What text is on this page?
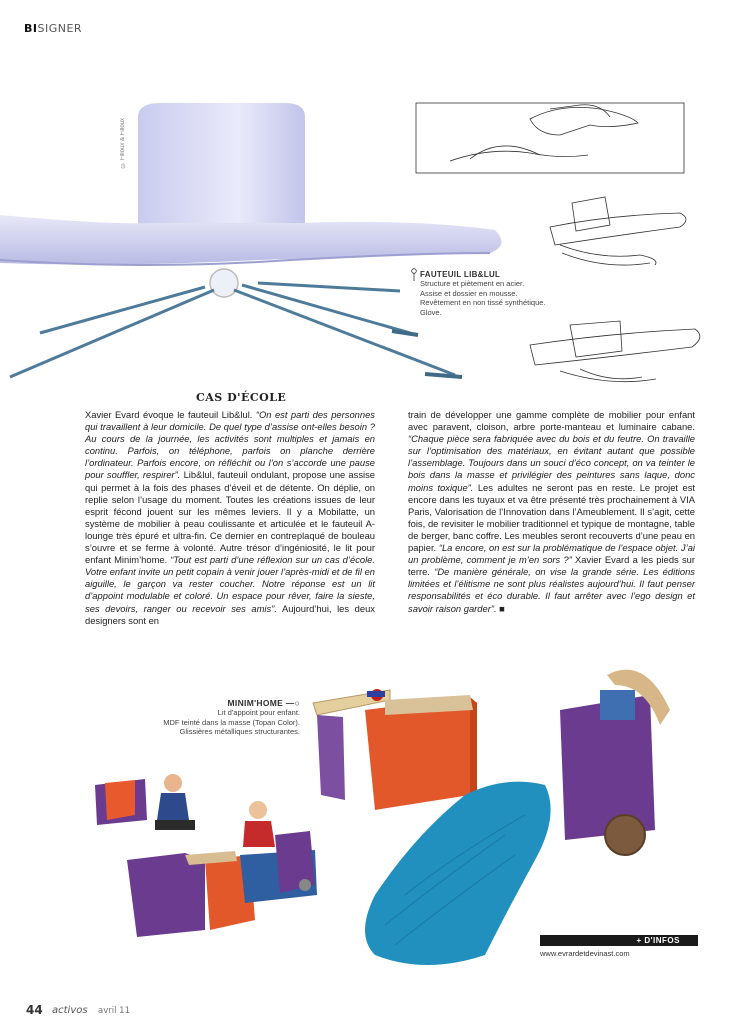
BISIGNER
© Filloux & Filloux
FAUTEUIL LIB&LUL
Structure et piètement en acier.
Assise et dossier en mousse.
Revêtement en non tissé synthétique.
Glove.
CAS D'ÉCOLE
Xavier Evard évoque le fauteuil Lib&lul. “On est parti des personnes qui travaillent à leur domicile. De quel type d’assise ont-elles besoin ? Au cours de la journée, les activités sont multiples et jamais en continu. Parfois, on téléphone, parfois on planche derrière l’ordinateur. Parfois encore, on réfléchit ou l’on s’accorde une pause pour souffler, respirer”. Lib&lul, fauteuil ondulant, propose une assise qui permet à la fois des phases d’éveil et de détente. On déplie, on replie selon l’usage du moment. Toutes les créations issues de leur esprit fécond jouent sur les mêmes leviers. Il y a Mobilatte, un système de mobilier à peau coulissante et articulée et le fauteuil A-lounge très épuré et ultra-fin. Ce dernier en contreplaqué de bouleau s’ouvre et se ferme à volonté. Autre trésor d’ingéniosité, le lit pour enfant Minim’home. “Tout est parti d’une réflexion sur un cas d’école. Votre enfant invite un petit copain à venir jouer l’après-midi et de fil en aiguille, le garçon va rester coucher. Notre réponse est un lit d’appoint modulable et coloré. Un espace pour rêver, faire la sieste, ses devoirs, ranger ou recevoir ses amis”. Aujourd’hui, les deux designers sont en
train de développer une gamme complète de mobilier pour enfant avec paravent, cloison, arbre porte-manteau et luminaire cabane. “Chaque pièce sera fabriquée avec du bois et du feutre. On travaille sur l’optimisation des matériaux, en évitant autant que possible l’assemblage. Toujours dans un souci d’éco concept, on va teinter le bois dans la masse et privilégier des peintures sans laque, donc moins toxique”. Les adultes ne seront pas en reste. Le projet est encore dans les tuyaux et va être présenté très prochainement à VIA Paris, Valorisation de l’Innovation dans l’Ameublement. Il s’agit, cette fois, de revisiter le mobilier traditionnel et typique de montagne, table de berger, banc coffre. Les meubles seront recouverts d’une peau en papier. “La encore, on est sur la problématique de l’espace objet. J’ai un problème, comment je m’en sors ?” Xavier Evard a les pieds sur terre. “De manière générale, on vise la grande série. Les éditions limitées et l’élitisme ne sont plus réalistes aujourd’hui. Il faut penser responsabilités et éco durable. Il faut arrêter avec l’ego design et savoir raison garder”. ■
MINIM'HOME —○
Lit d'appoint pour enfant.
MDF teinté dans la masse (Topan Color).
Glissières métalliques structurantes.
+ D'INFOS
www.evrardetdevinast.com
44 activos avril 11
